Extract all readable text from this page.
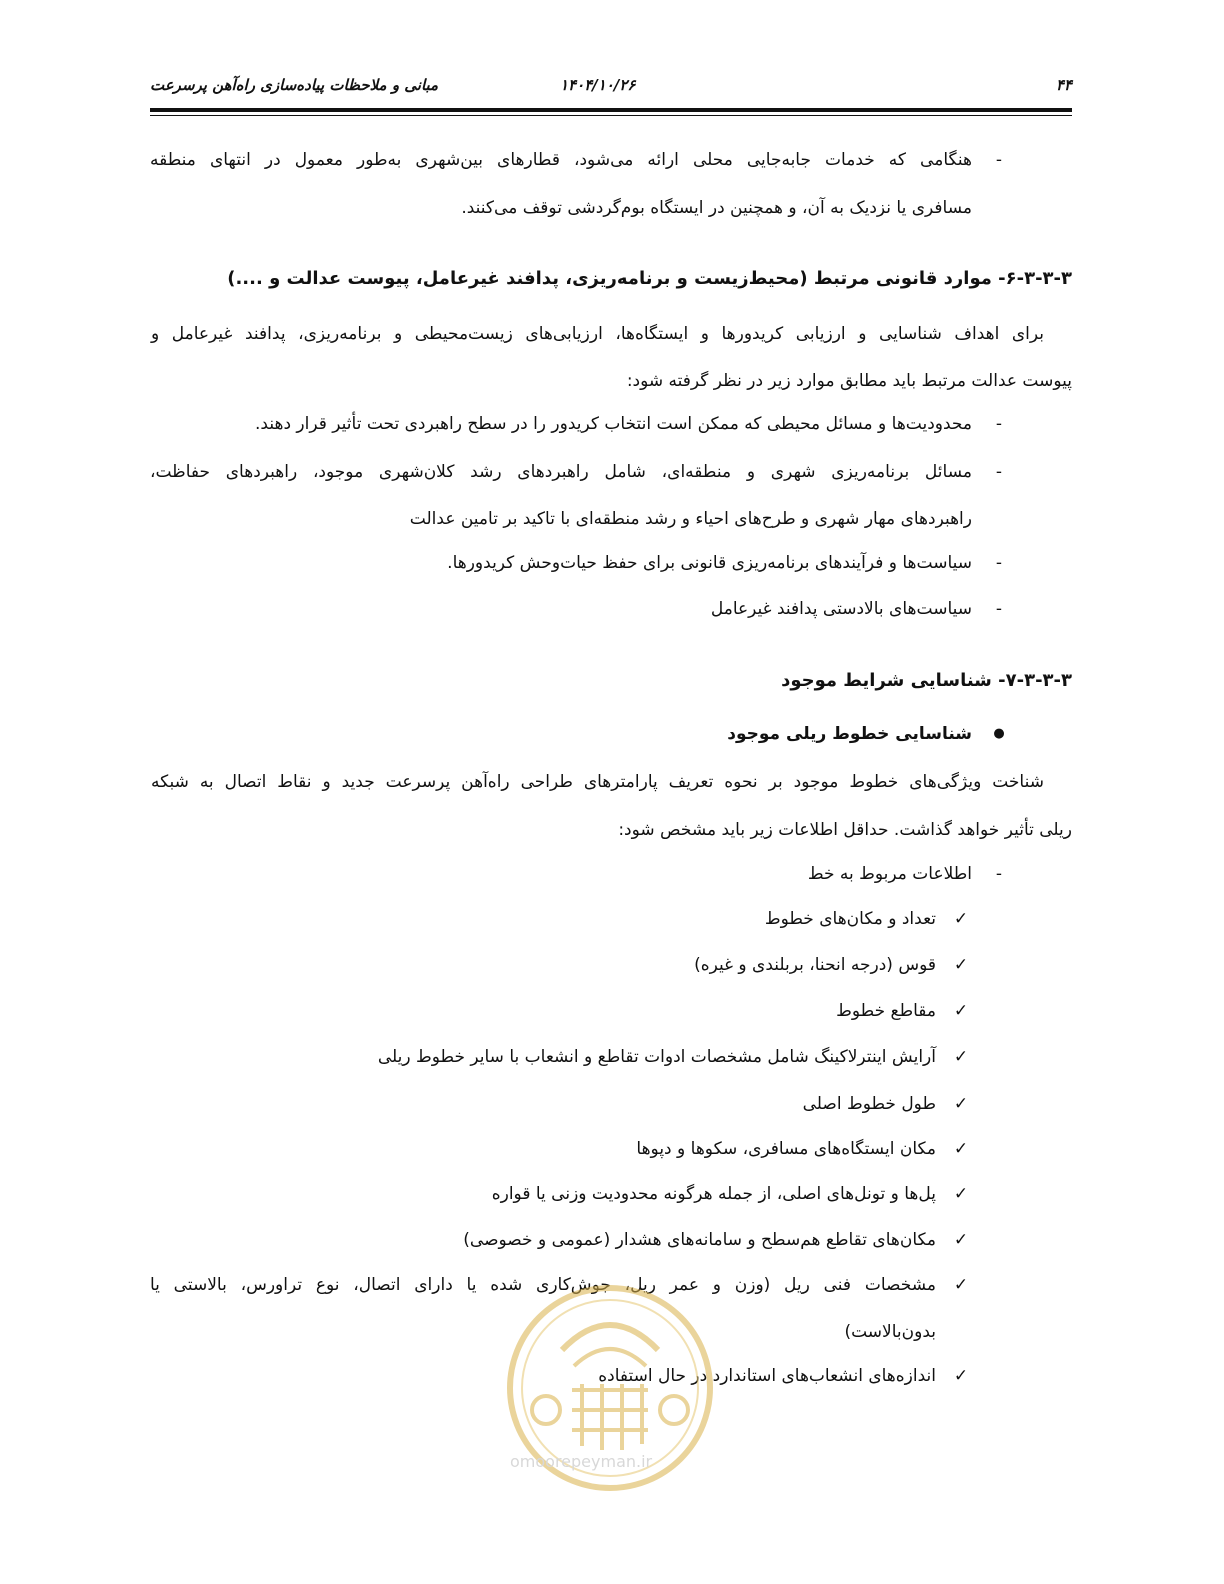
۴۴
۱۴۰۴/۱۰/۲۶
مبانی و ملاحظات پیاده‌سازی راه‌آهن پرسرعت
-
هنگامی که خدمات جابه‌جایی محلی ارائه می‌شود، قطارهای بین‌شهری به‌طور معمول در انتهای منطقه
مسافری یا نزدیک به آن، و همچنین در ایستگاه بوم‌گردشی توقف می‌کنند.
۶-۳-۳-۳- موارد قانونی مرتبط (محیط‌زیست و برنامه‌ریزی، پدافند غیرعامل، پیوست عدالت و ....)
برای اهداف شناسایی و ارزیابی کریدورها و ایستگاه‌ها، ارزیابی‌های زیست‌محیطی و برنامه‌ریزی، پدافند غیرعامل و
پیوست عدالت مرتبط باید مطابق موارد زیر در نظر گرفته شود:
-
محدودیت‌ها و مسائل محیطی که ممکن است انتخاب کریدور را در سطح راهبردی تحت تأثیر قرار دهند.
-
مسائل برنامه‌ریزی شهری و منطقه‌ای، شامل راهبردهای رشد کلان‌شهری موجود، راهبردهای حفاظت،
راهبردهای مهار شهری و طرح‌های احیاء و رشد منطقه‌ای با تاکید بر تامین عدالت
-
سیاست‌ها و فرآیندهای برنامه‌ریزی قانونی برای حفظ حیات‌وحش کریدورها.
-
سیاست‌های بالادستی پدافند غیرعامل
۷-۳-۳-۳- شناسایی شرایط موجود
●
شناسایی خطوط ریلی موجود
شناخت ویژگی‌های خطوط موجود بر نحوه تعریف پارامترهای طراحی راه‌آهن پرسرعت جدید و نقاط اتصال به شبکه
ریلی تأثیر خواهد گذاشت. حداقل اطلاعات زیر باید مشخص شود:
-
اطلاعات مربوط به خط
✓
تعداد و مکان‌های خطوط
✓
قوس (درجه انحنا، بربلندی و غیره)
✓
مقاطع خطوط
✓
آرایش اینترلاکینگ شامل مشخصات ادوات تقاطع و انشعاب با سایر خطوط ریلی
✓
طول خطوط اصلی
✓
مکان ایستگاه‌های مسافری، سکوها و دپوها
✓
پل‌ها و تونل‌های اصلی، از جمله هرگونه محدودیت وزنی یا قواره
✓
مکان‌های تقاطع هم‌سطح و سامانه‌های هشدار (عمومی و خصوصی)
✓
مشخصات فنی ریل (وزن و عمر ریل، جوش‌کاری شده یا دارای اتصال، نوع تراورس، بالاستی یا
بدون‌بالاست)
✓
اندازه‌های انشعاب‌های استاندارد در حال استفاده
omoorepeyman.ir
